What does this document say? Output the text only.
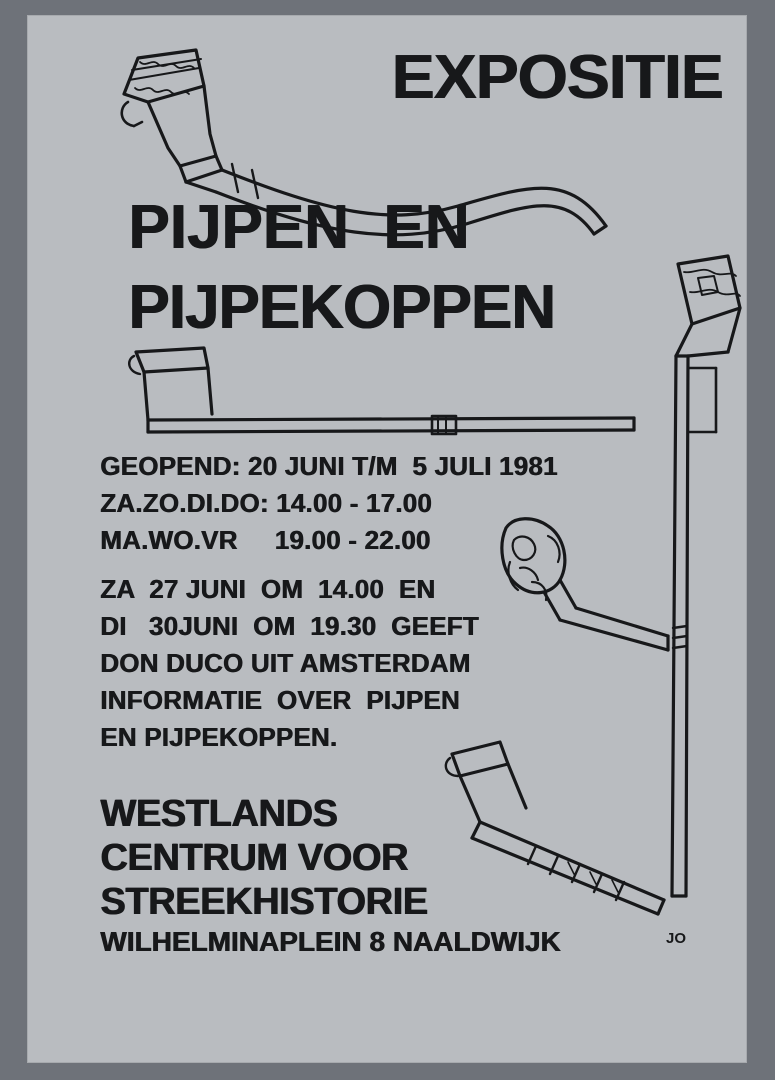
EXPOSITIE
PIJPEN  EN
PIJPEKOPPEN
GEOPEND: 20 JUNI T/M  5 JULI 1981
ZA.ZO.DI.DO: 14.00 - 17.00
MA.WO.VR     19.00 - 22.00
ZA  27 JUNI  OM  14.00  EN
DI   30JUNI  OM  19.30  GEEFT
DON DUCO UIT AMSTERDAM
INFORMATIE  OVER  PIJPEN
EN PIJPEKOPPEN.
WESTLANDS
CENTRUM VOOR
STREEKHISTORIE
WILHELMINAPLEIN 8 NAALDWIJK	JO
